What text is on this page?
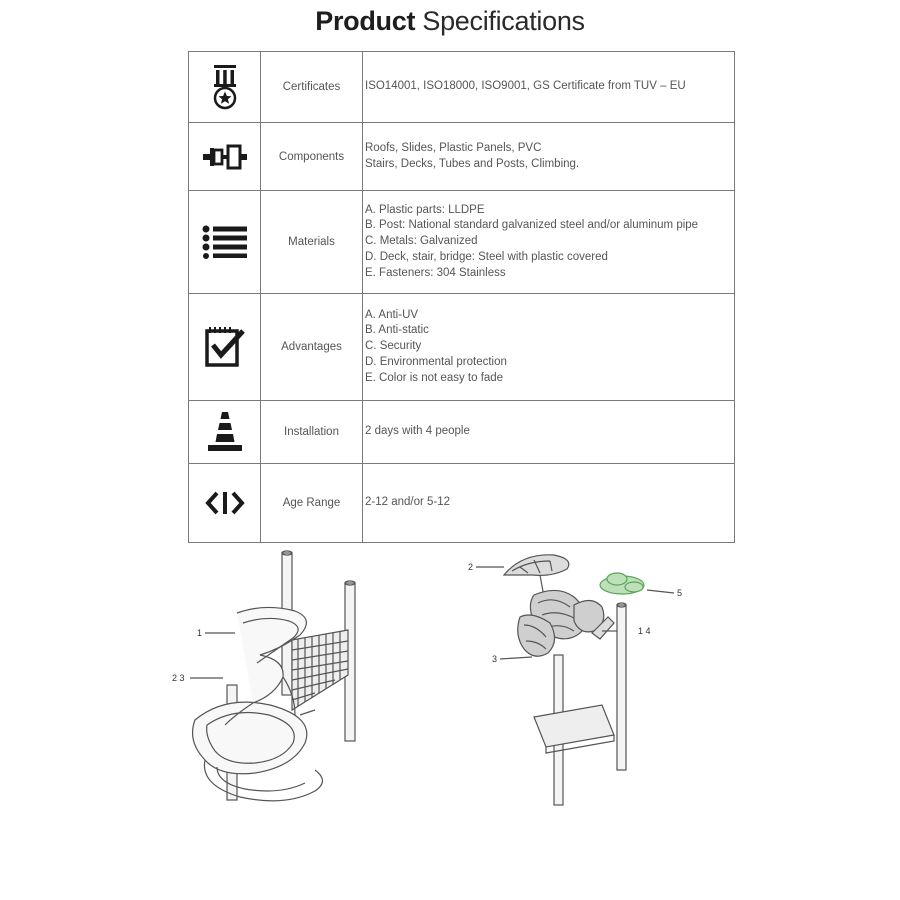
Product Specifications
	Certificates	ISO14001, ISO18000, ISO9001, GS Certificate from TUV – EU

	Components	Roofs, Slides, Plastic Panels, PVC
Stairs, Decks, Tubes and Posts, Climbing.

	Materials	A. Plastic parts: LLDPE
B. Post: National standard galvanized steel and/or aluminum pipe
C. Metals: Galvanized
D. Deck, stair, bridge: Steel with plastic covered
E. Fasteners: 304 Stainless

	Advantages	A. Anti-UV
B. Anti-static
C. Security
D. Environmental protection
E. Color is not easy to fade

	Installation	2 days with 4 people

	Age Range	2-12 and/or 5-12
1
2 3
2
3
1 4
5
